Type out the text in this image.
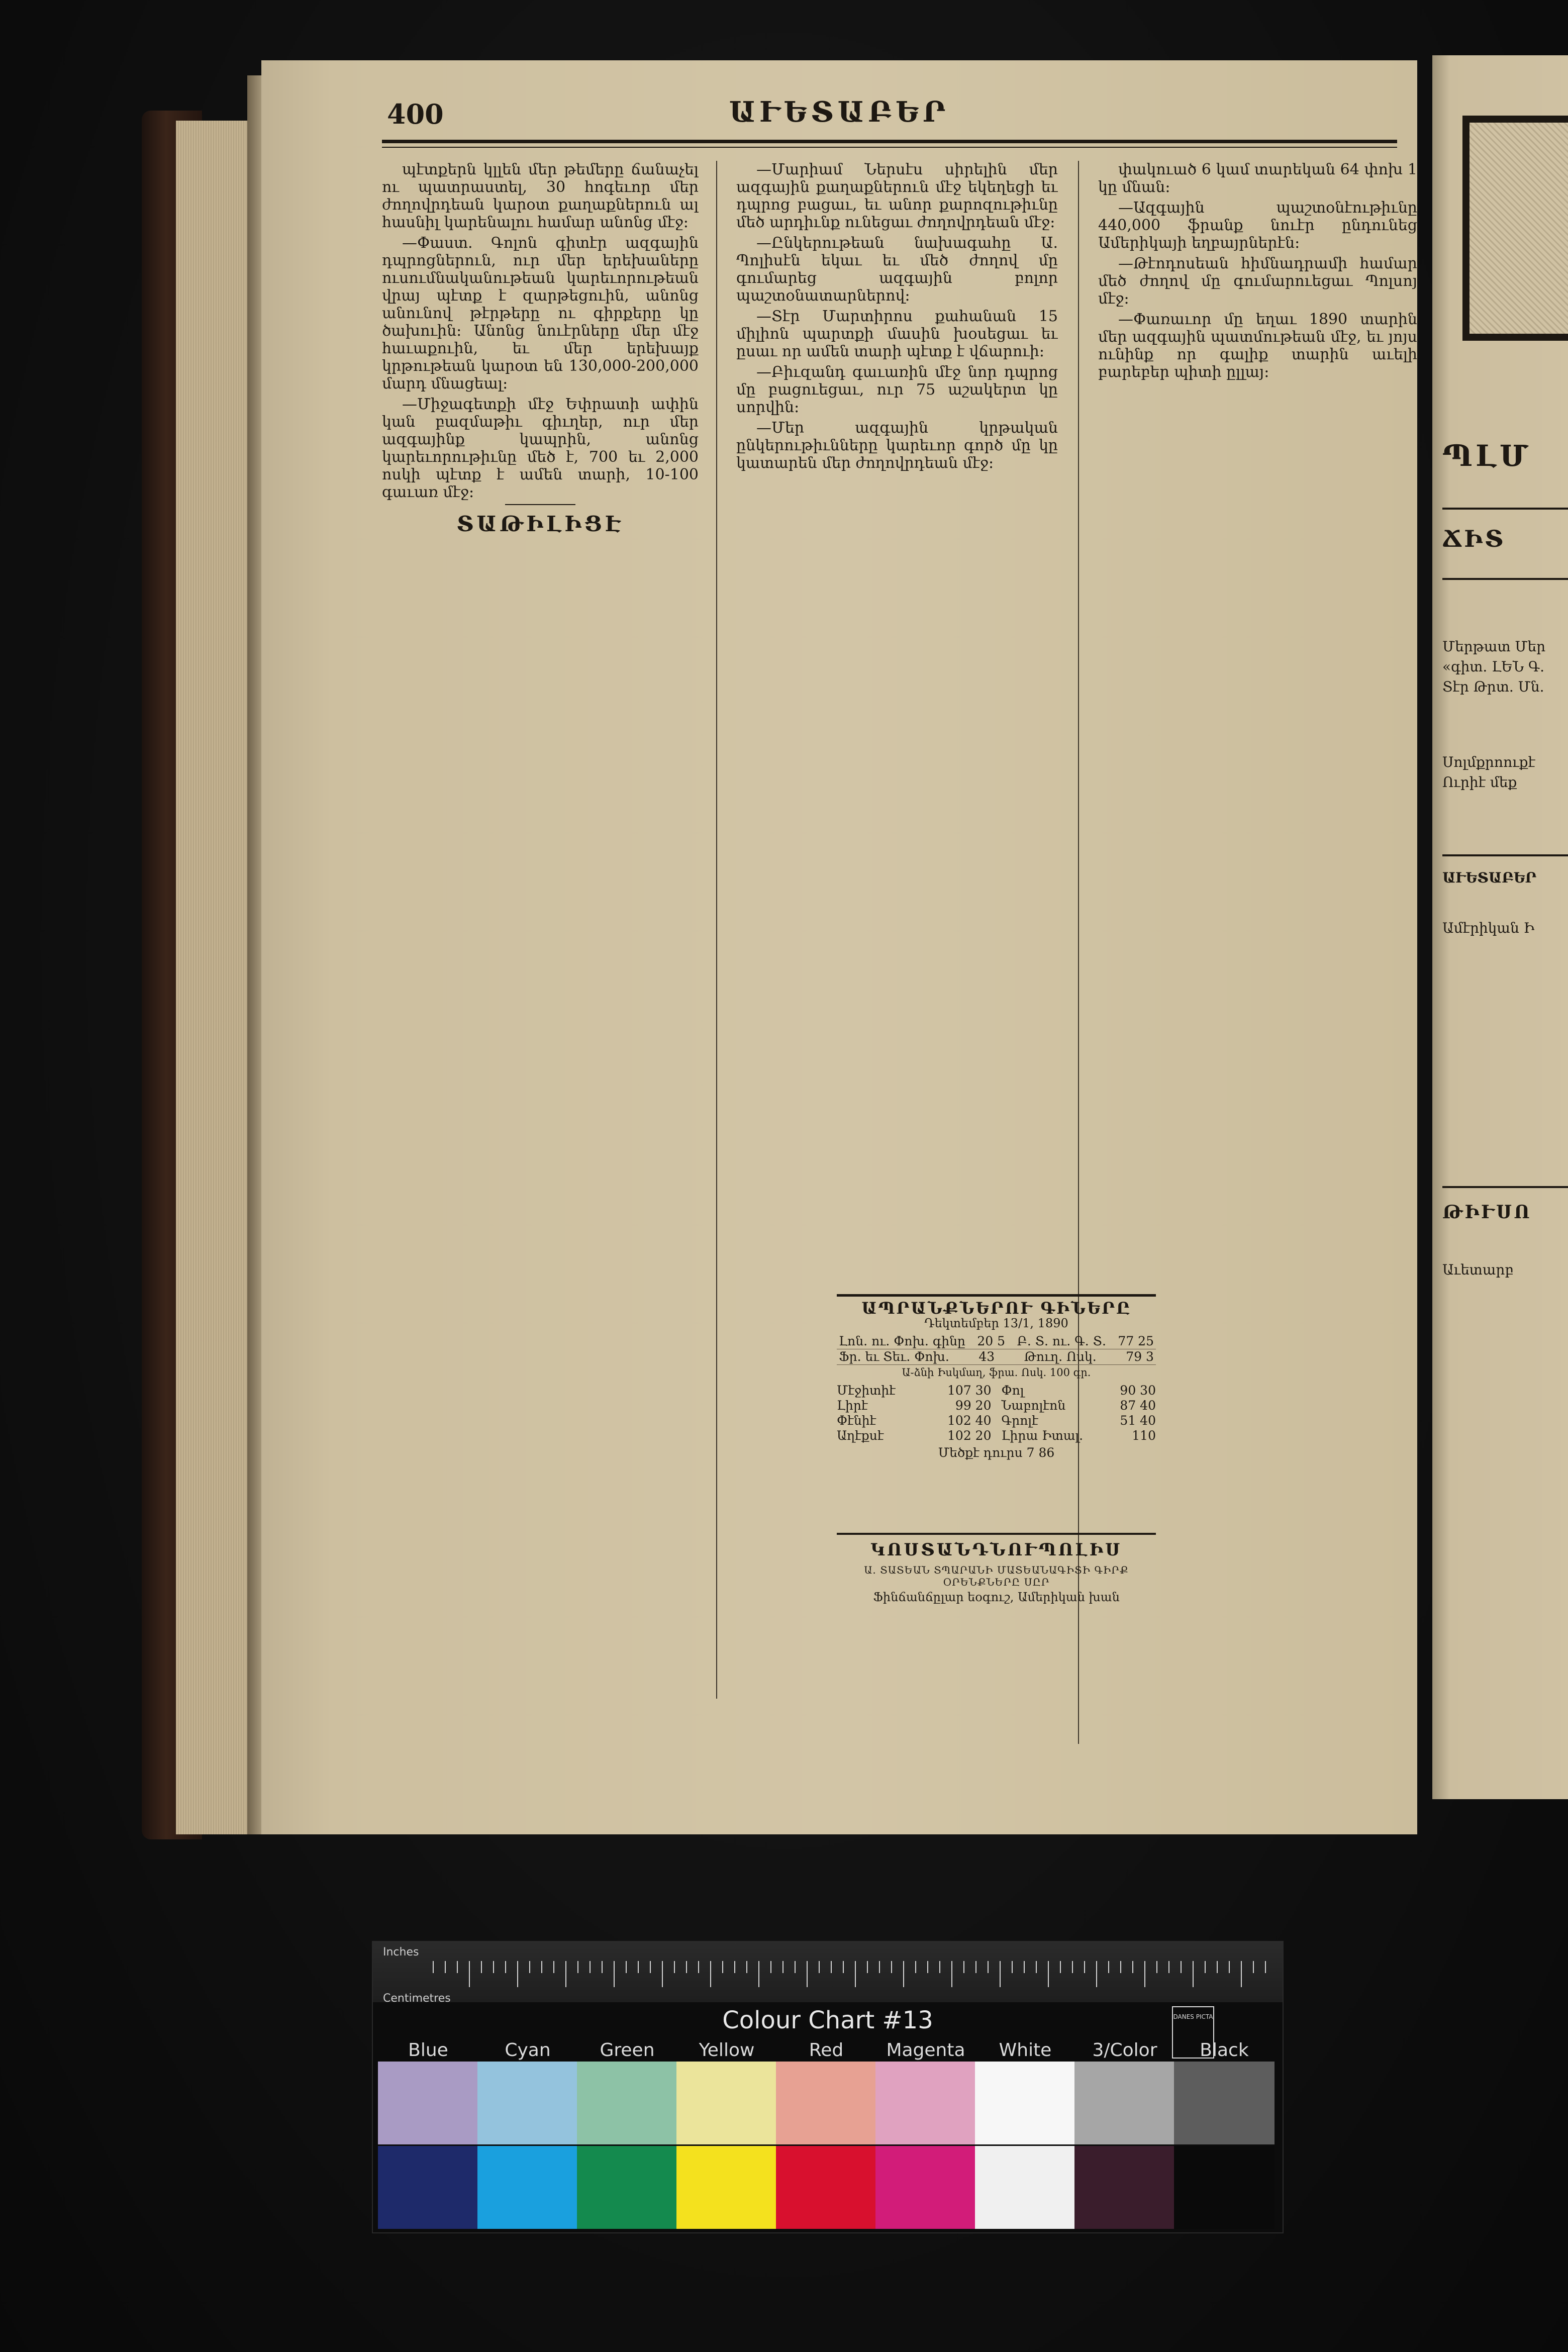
400	ԱՒԵՏԱԲԵՐ

պէտքերն կլլեն մեր թեմերը ճանաչել ու պատրաստել, 30 հոգեւոր մեր ժողովրդեան կարօտ քաղաքներուն ալ հասնիլ կարենալու համար անոնց մէջ։

—Փաստ. Գոլոն գիտէր ազգային դպրոցներուն, ուր մեր երեխաները ուսումնականութեան կարեւորութեան վրայ պէտք է զարթեցուին, անոնց անունով թէրթերը ու գիրքերը կը ծախուին։ Անոնց նուէրները մեր մէջ հաւաքուին, եւ մեր երեխայք կրթութեան կարօտ են 130,000-200,000 մարդ մնացեալ։

—Միջագետքի մէջ Եփրատի ափին կան բազմաթիւ գիւղեր, ուր մեր ազգայինք կապրին, անոնց կարեւորութիւնը մեծ է, 700 եւ 2,000 ոսկի պէտք է ամեն տարի, 10-100 գաւառ մէջ։

ՏԱԹԻԼԻՑԷ

—Մարիամ Ներսէս սիրելին մեր ազգային քաղաքներուն մէջ եկեղեցի եւ դպրոց բացաւ, եւ անոր քարոզութիւնը մեծ արդիւնք ունեցաւ ժողովրդեան մէջ։

—Ընկերութեան նախագահը Ա. Պոլիսէն եկաւ եւ մեծ ժողով մը գումարեց ազգային բոլոր պաշտօնատարներով։

—Տէր Մարտիրոս քահանան 15 միլիոն պարտքի մասին խօսեցաւ եւ ըսաւ որ ամեն տարի պէտք է վճարուի։

—Բիւզանդ գաւառին մէջ նոր դպրոց մը բացուեցաւ, ուր 75 աշակերտ կը սորվին։

—Մեր ազգային կրթական ընկերութիւնները կարեւոր գործ մը կը կատարեն մեր ժողովրդեան մէջ։

փակուած 6 կամ տարեկան 64 փոխ 1 կը մնան։

—Ազգային պաշտօնէութիւնը 440,000 ֆրանք նուէր ընդունեց Ամերիկայի եղբայրներէն։

—Թէոդոսեան հիմնադրամի համար մեծ ժողով մը գումարուեցաւ Պոլսոյ մէջ։

—Փառաւոր մը եղաւ 1890 տարին մեր ազգային պատմութեան մէջ, եւ յոյս ունինք որ գալիք տարին աւելի բարեբեր պիտի ըլլայ։

ԱՊՐԱՆՔՆԵՐՈՒ ԳԻՆԵՐԸ
Դեկտեմբեր 13/1, 1890
Լոն. ու. Փոխ. գինը 20 5 Բ. Տ. ու. Գ. Տ. 77 25
Ֆր. եւ Տեւ. Փոխ. 43 Թուղ. Ոսկ. 79 3
Ա֊ձնի Իսկմաղ, ֆրա. Ոսկ. 100 գր.
Մէջիտիէ	107 30 Փոլ	90 30
Լիրէ	99 20 Նաբոլէոն	87 40
Փէնիէ	102 40 Գրոլէ	51 40
Աղէքսէ	102 20 Լիրա Իտալ.	110
Մեծքէ դուրս 7 86
ԿՈՍՏԱՆԴՆՈՒՊՈԼԻՍ
Ա. ՏԱՏԵԱՆ ՏՊԱՐԱՆԻ ՄԱՏԵԱՆԱԳԻՏԻ ԳԻՐՔ ՕՐԵՆՔՆԵՐԸ ՍԸՐ
Ֆինճանճըլար եօգուշ, Ամերիկան խան
ՊԼՄ
ՃԻՏ
Մերթատ Մեր
«գիտ. ԼԵՆ Գ.
Տէր Թրտ. Մն.
Սոլմքրոուքէ
Ուրիէ մեք
ԱՒԵՏԱԲԵՐ
Ամէրիկան Ի
ԹԻՒՍՈ
Աւետարբ
Inches
Centimetres
Colour Chart #13	DANES PICTA
Blue	Cyan	Green	Yellow	Red	Magenta	White	3/Color	Black
